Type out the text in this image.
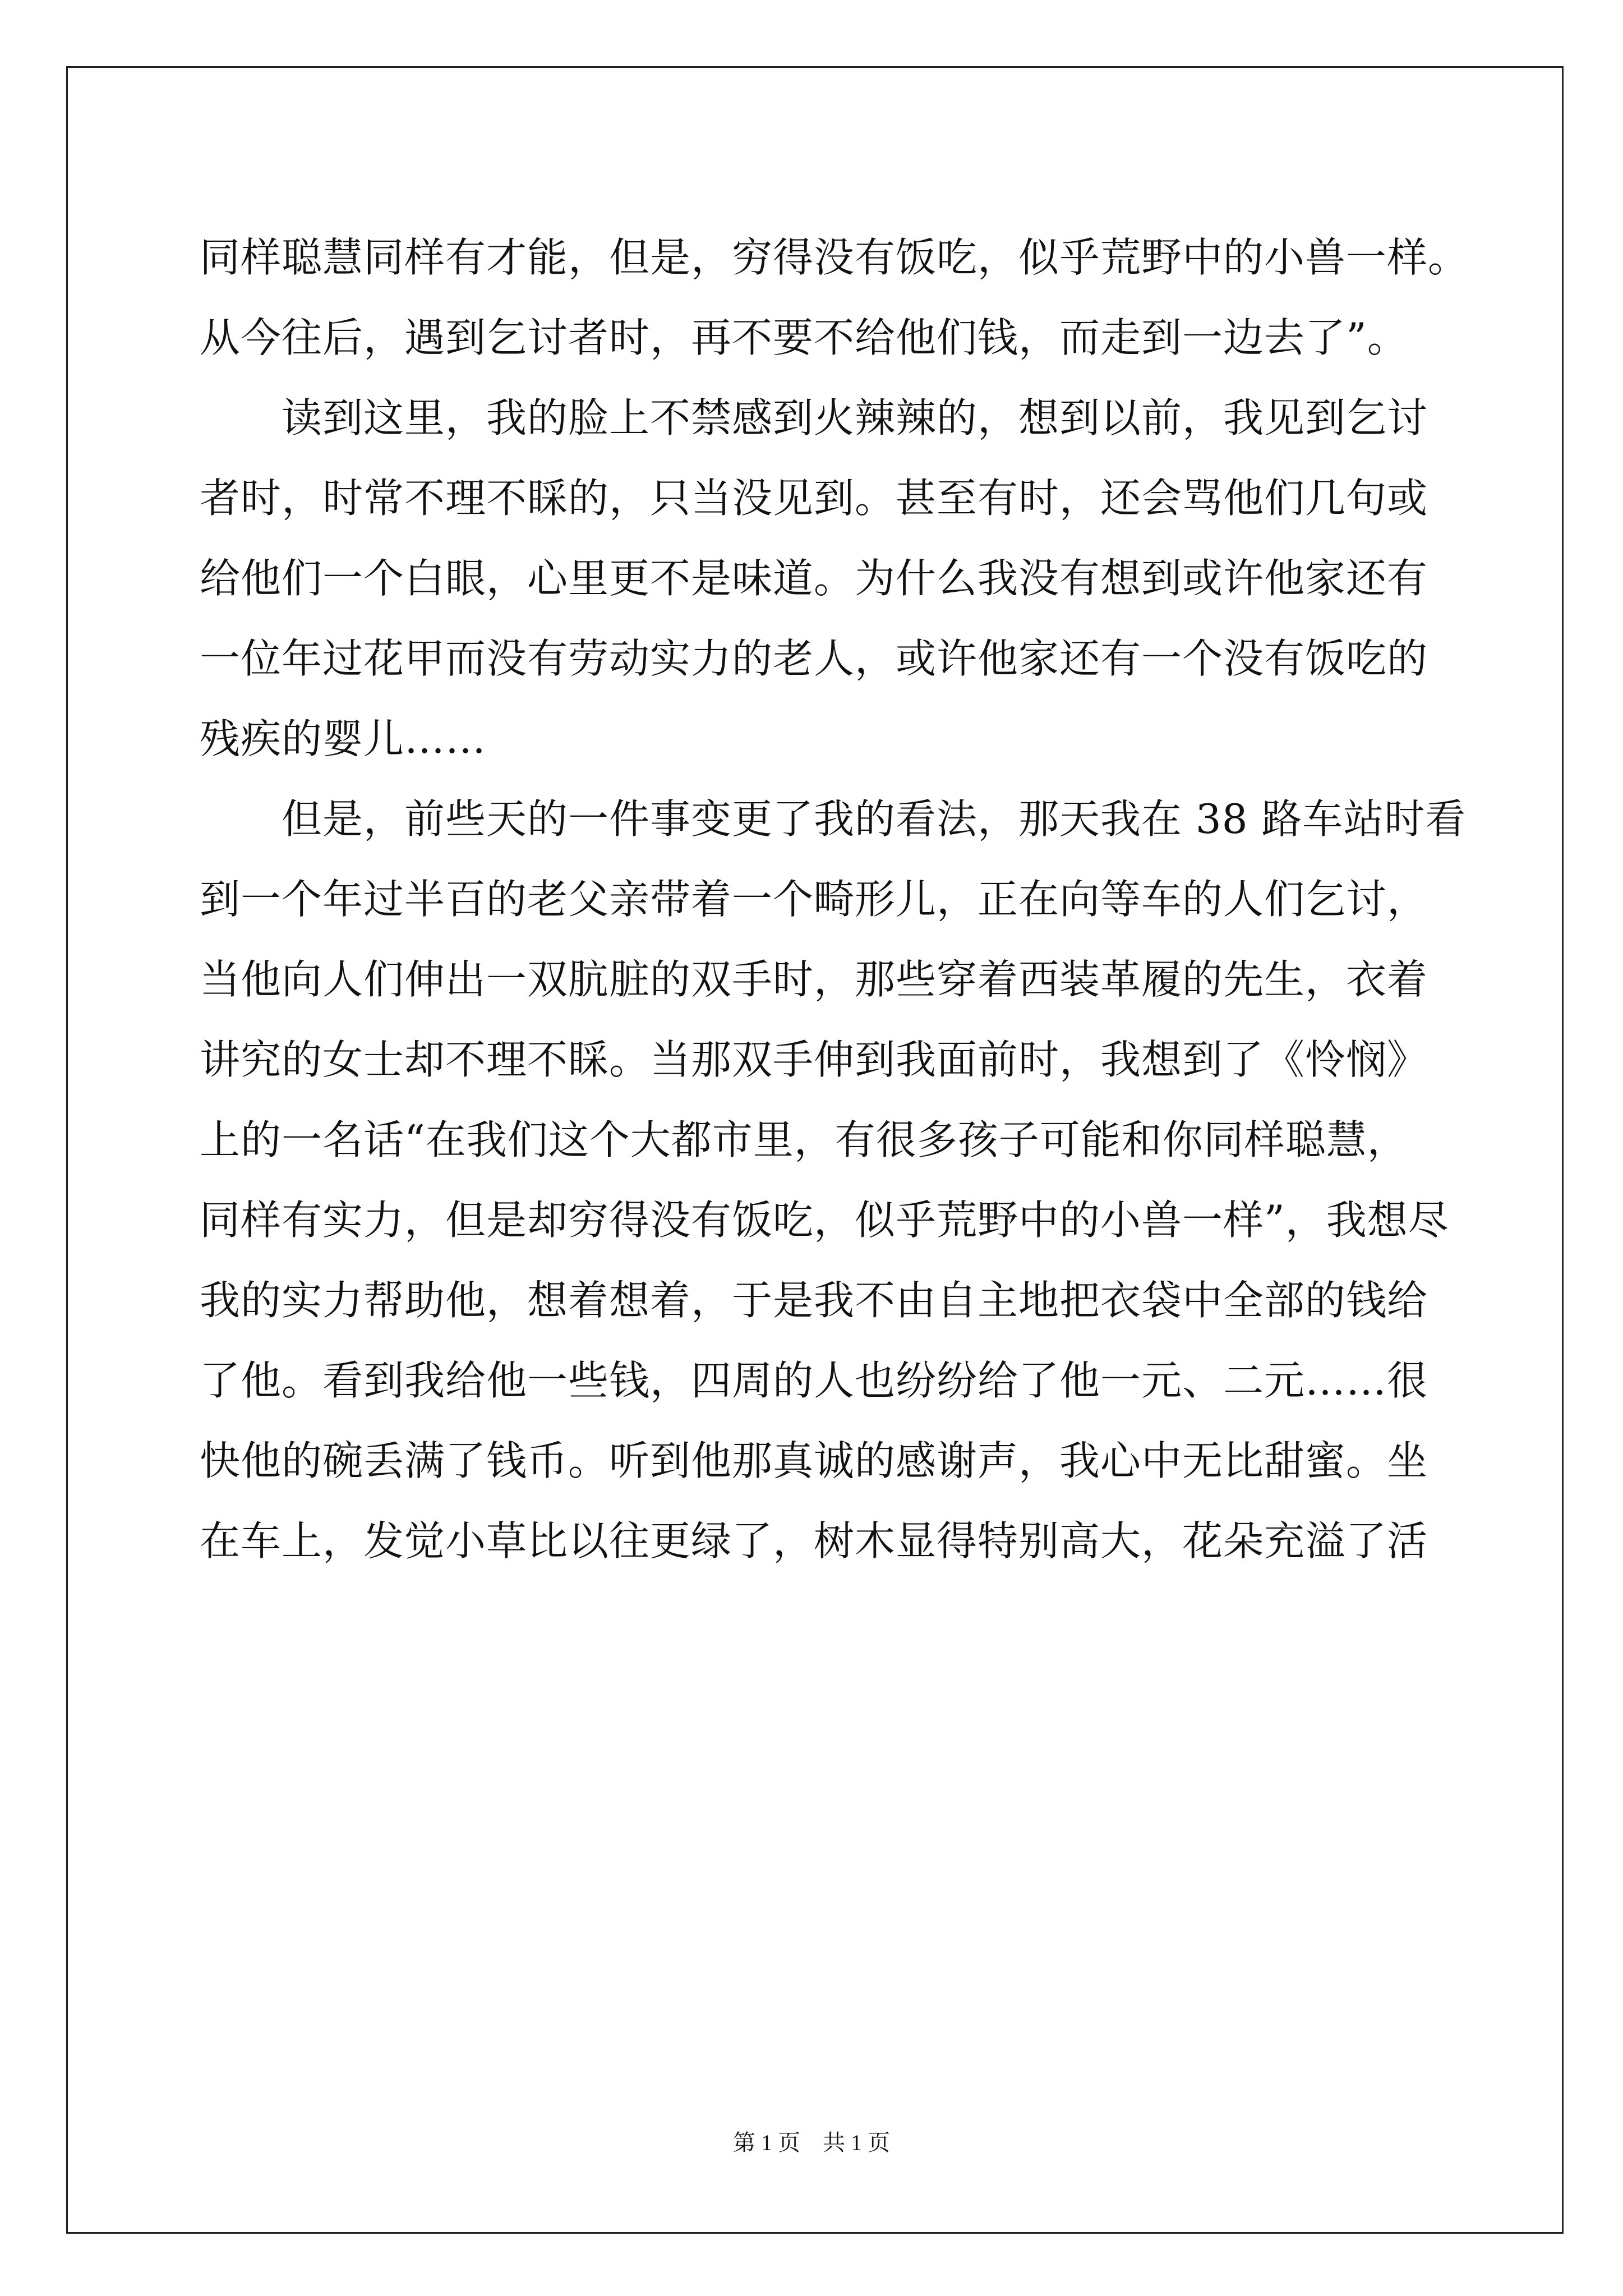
同样聪慧同样有才能，但是，穷得没有饭吃，似乎荒野中的小兽一样。
从今往后，遇到乞讨者时，再不要不给他们钱，而走到一边去了”。
读到这里，我的脸上不禁感到火辣辣的，想到以前，我见到乞讨
者时，时常不理不睬的，只当没见到。甚至有时，还会骂他们几句或
给他们一个白眼，心里更不是味道。为什么我没有想到或许他家还有
一位年过花甲而没有劳动实力的老人，或许他家还有一个没有饭吃的
残疾的婴儿……
但是，前些天的一件事变更了我的看法，那天我在 38 路车站时看
到一个年过半百的老父亲带着一个畸形儿，正在向等车的人们乞讨，
当他向人们伸出一双肮脏的双手时，那些穿着西装革履的先生，衣着
讲究的女士却不理不睬。当那双手伸到我面前时，我想到了《怜悯》
上的一名话“在我们这个大都市里，有很多孩子可能和你同样聪慧，
同样有实力，但是却穷得没有饭吃，似乎荒野中的小兽一样”，我想尽
我的实力帮助他，想着想着，于是我不由自主地把衣袋中全部的钱给
了他。看到我给他一些钱，四周的人也纷纷给了他一元、二元……很
快他的碗丢满了钱币。听到他那真诚的感谢声，我心中无比甜蜜。坐
在车上，发觉小草比以往更绿了，树木显得特别高大，花朵充溢了活
第 1 页　共 1 页
